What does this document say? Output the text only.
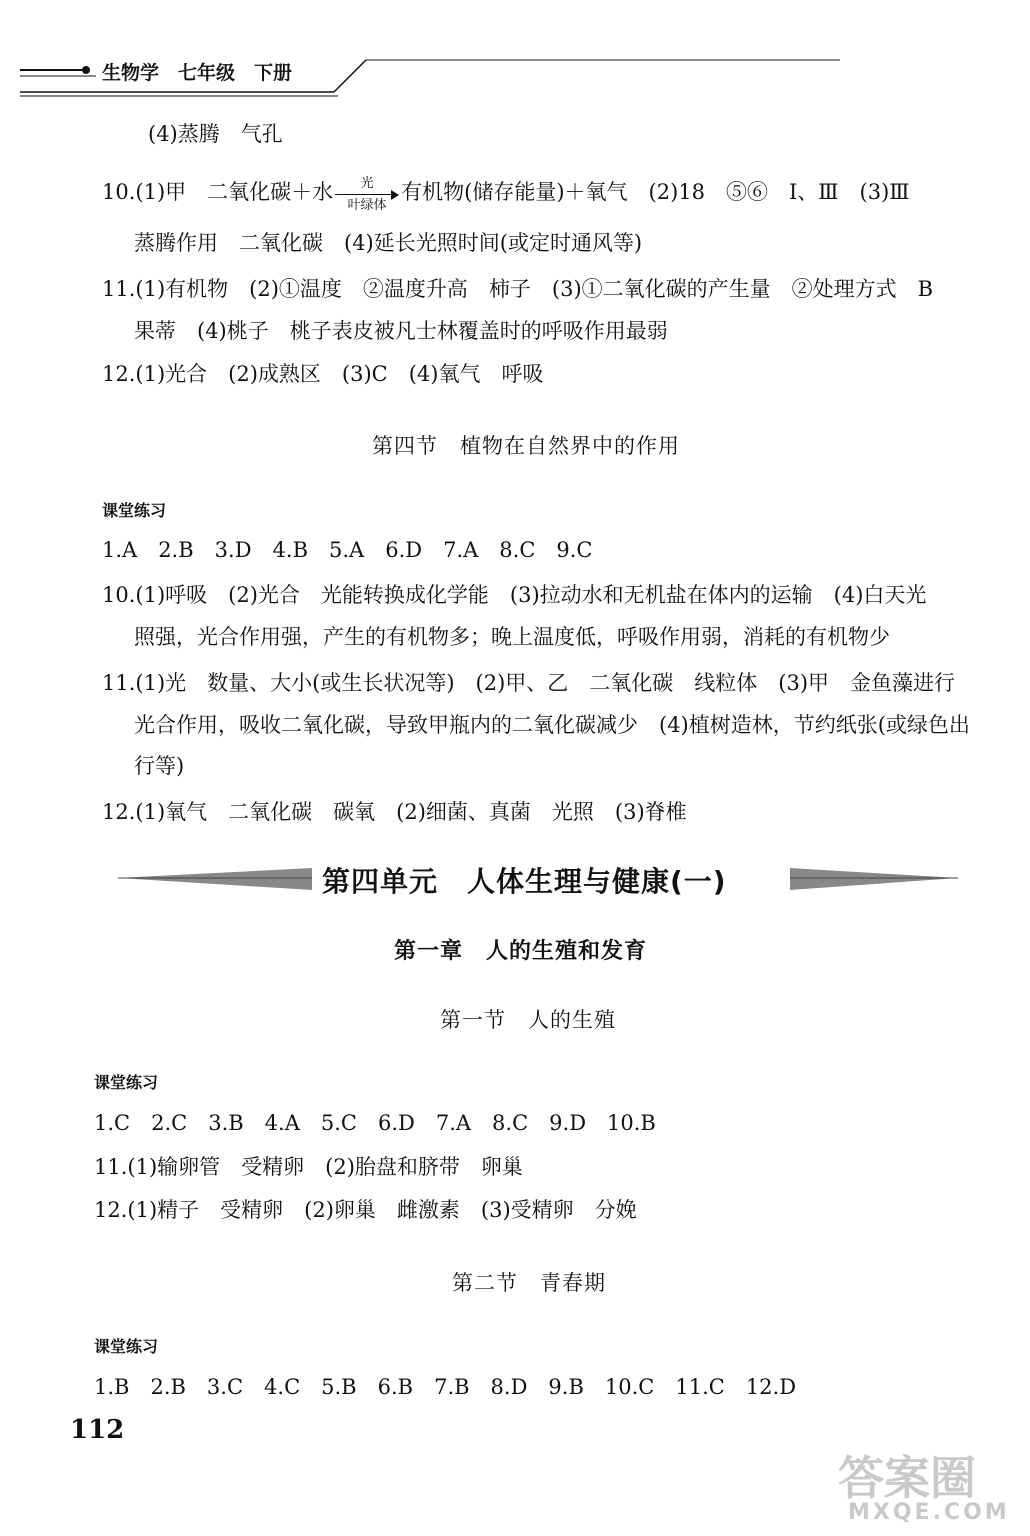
生物学　七年级　下册
(4)蒸腾　气孔
10.(1)甲　二氧化碳＋水	光
叶绿体
有机物(储存能量)＋氧气　(2)18　⑤⑥　Ⅰ、Ⅲ　(3)Ⅲ
蒸腾作用　二氧化碳　(4)延长光照时间(或定时通风等)
11.(1)有机物　(2)①温度　②温度升高　柿子　(3)①二氧化碳的产生量　②处理方式　B
果蒂　(4)桃子　桃子表皮被凡士林覆盖时的呼吸作用最弱
12.(1)光合　(2)成熟区　(3)C　(4)氧气　呼吸
第四节　植物在自然界中的作用
课堂练习
1.A　2.B　3.D　4.B　5.A　6.D　7.A　8.C　9.C
10.(1)呼吸　(2)光合　光能转换成化学能　(3)拉动水和无机盐在体内的运输　(4)白天光
照强，光合作用强，产生的有机物多；晚上温度低，呼吸作用弱，消耗的有机物少
11.(1)光　数量、大小(或生长状况等)　(2)甲、乙　二氧化碳　线粒体　(3)甲　金鱼藻进行
光合作用，吸收二氧化碳，导致甲瓶内的二氧化碳减少　(4)植树造林，节约纸张(或绿色出
行等)
12.(1)氧气　二氧化碳　碳氧　(2)细菌、真菌　光照　(3)脊椎
第四单元　人体生理与健康(一)
第一章　人的生殖和发育
第一节　人的生殖
课堂练习
1.C　2.C　3.B　4.A　5.C　6.D　7.A　8.C　9.D　10.B
11.(1)输卵管　受精卵　(2)胎盘和脐带　卵巢
12.(1)精子　受精卵　(2)卵巢　雌激素　(3)受精卵　分娩
第二节　青春期
课堂练习
1.B　2.B　3.C　4.C　5.B　6.B　7.B　8.D　9.B　10.C　11.C　12.D
112
答案圈
MXQE.COM
